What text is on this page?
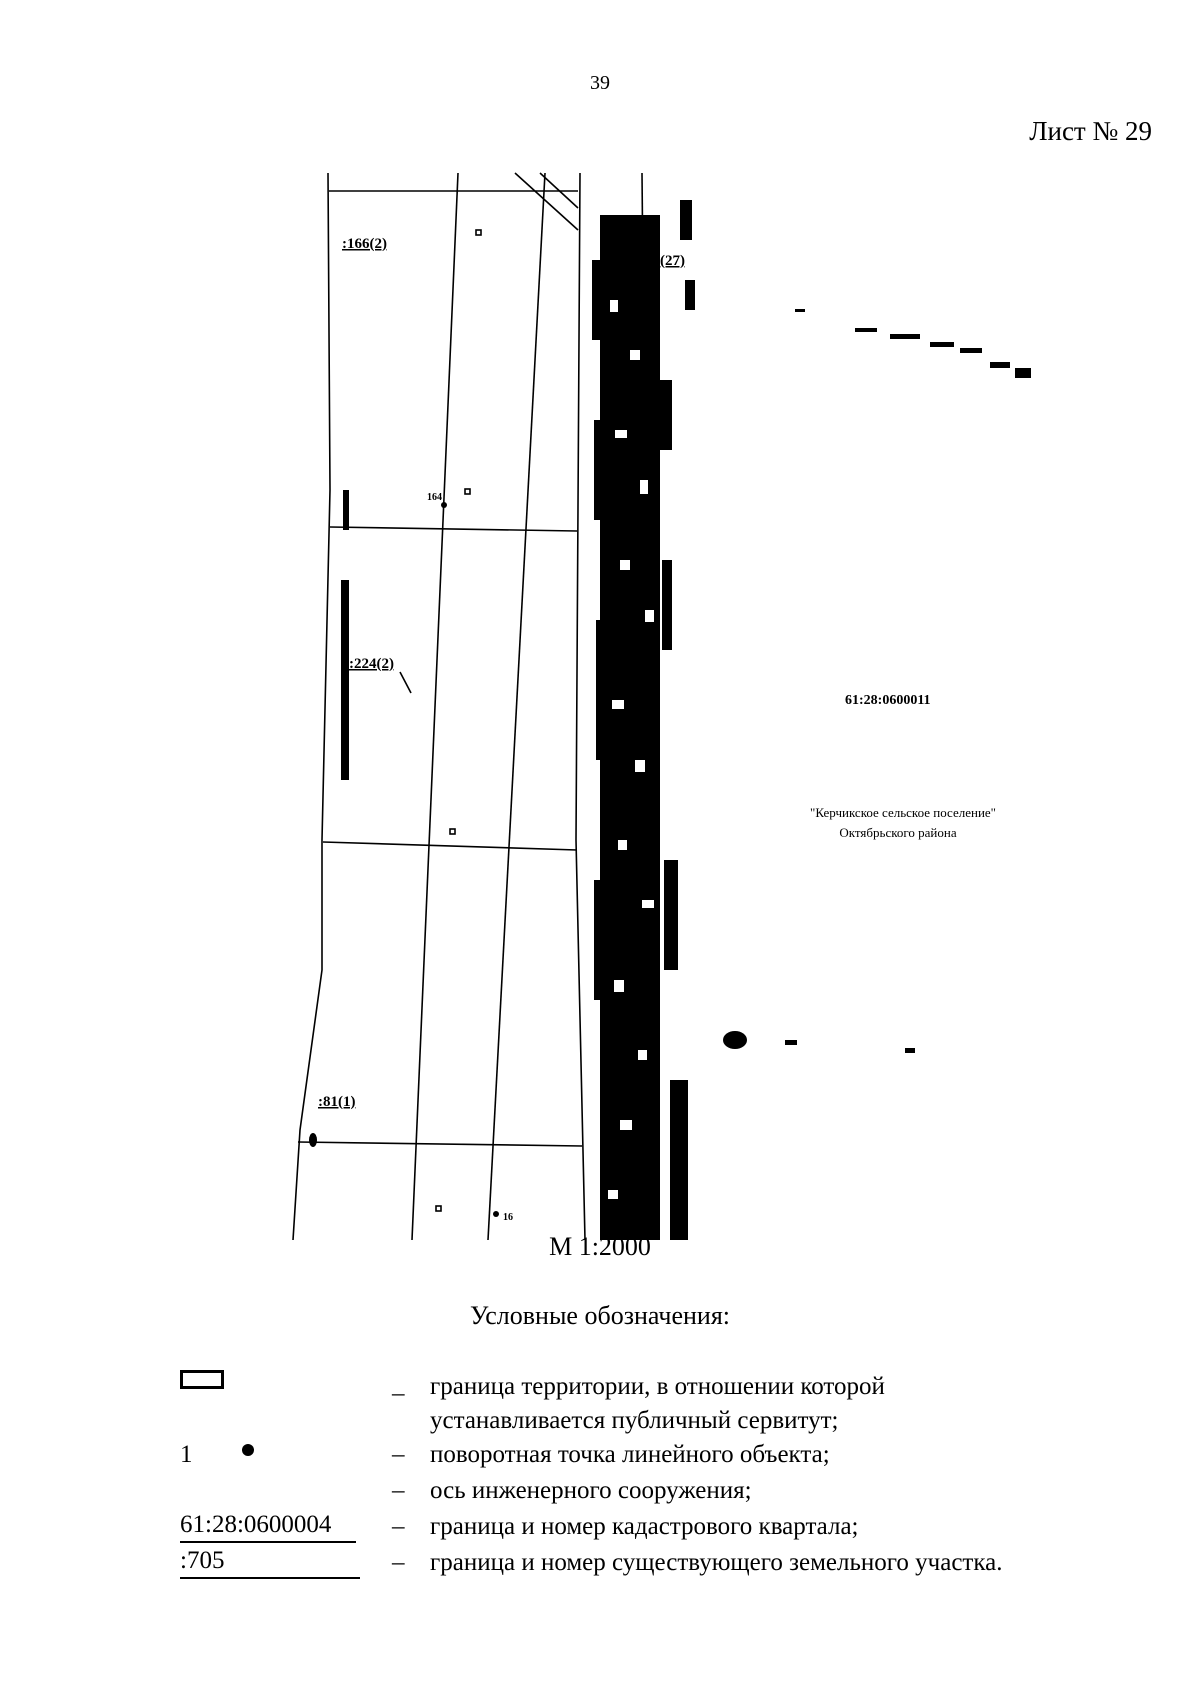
39
Лист № 29
:166(2)
:224(2)
:81(1)
:27(27)
164
16
61:28:0600011
"Керчикское сельское поселение"
Октябрьского района
М 1:2000
Условные обозначения:
– граница территории, в отношении которой
устанавливается публичный сервитут;
1	– поворотная точка линейного объекта;
– ось инженерного сооружения;
61:28:0600004	– граница и номер кадастрового квартала;
:705	– граница и номер существующего земельного участка.
